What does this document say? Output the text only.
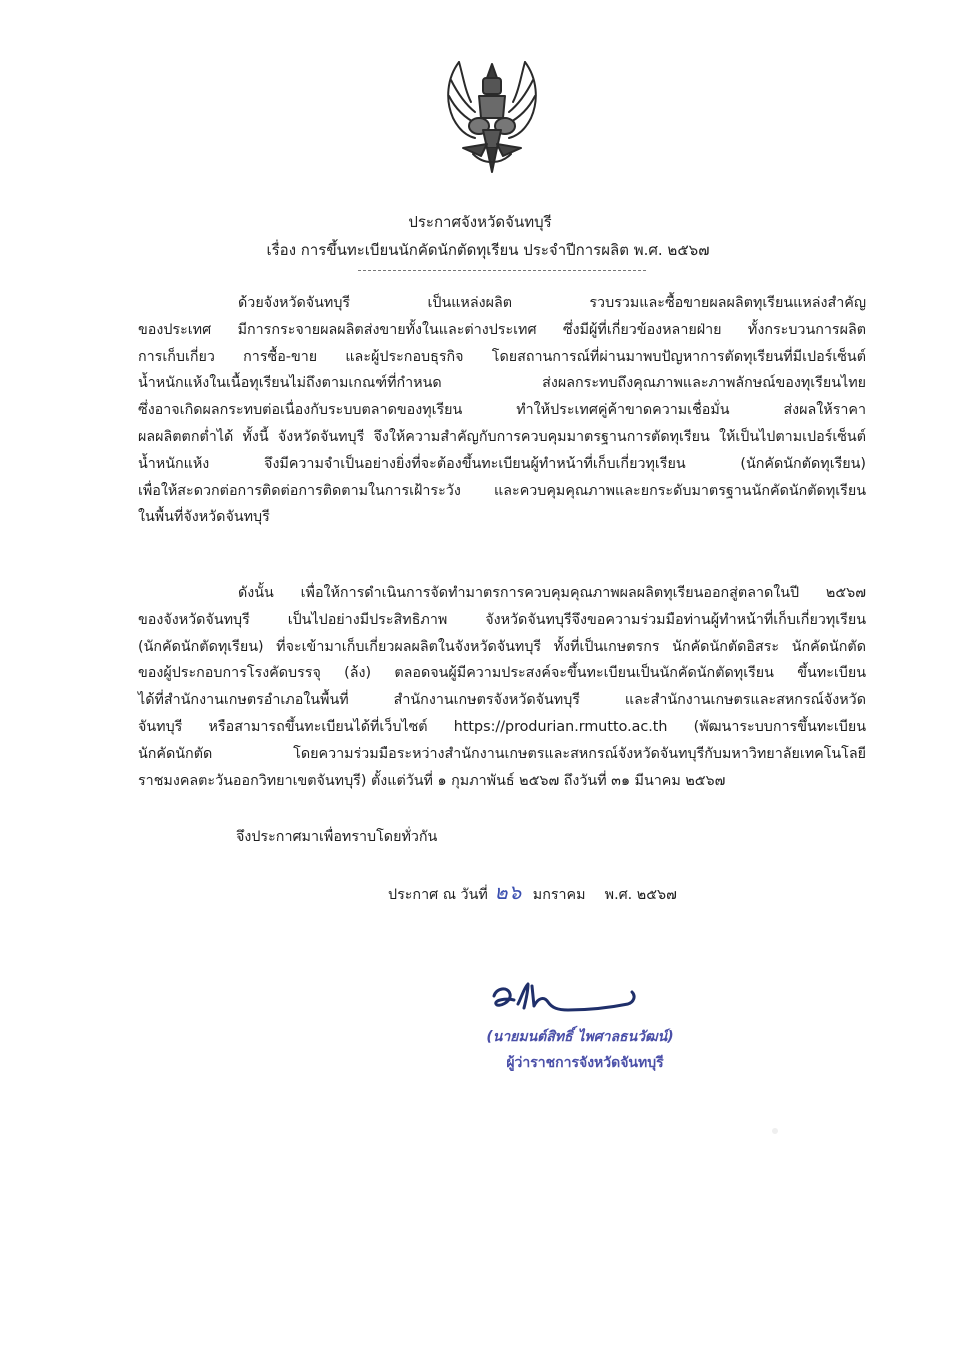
ประกาศจังหวัดจันทบุรี
เรื่อง การขึ้นทะเบียนนักคัดนักตัดทุเรียน ประจำปีการผลิต พ.ศ. ๒๕๖๗
ด้วยจังหวัดจันทบุรี เป็นแหล่งผลิต รวบรวมและซื้อขายผลผลิตทุเรียนแหล่งสำคัญ
ของประเทศ มีการกระจายผลผลิตส่งขายทั้งในและต่างประเทศ ซึ่งมีผู้ที่เกี่ยวข้องหลายฝ่าย ทั้งกระบวนการผลิต
การเก็บเกี่ยว การซื้อ-ขาย และผู้ประกอบธุรกิจ โดยสถานการณ์ที่ผ่านมาพบปัญหาการตัดทุเรียนที่มีเปอร์เซ็นต์
น้ำหนักแห้งในเนื้อทุเรียนไม่ถึงตามเกณฑ์ที่กำหนด ส่งผลกระทบถึงคุณภาพและภาพลักษณ์ของทุเรียนไทย
ซึ่งอาจเกิดผลกระทบต่อเนื่องกับระบบตลาดของทุเรียน ทำให้ประเทศคู่ค้าขาดความเชื่อมั่น ส่งผลให้ราคา
ผลผลิตตกต่ำได้ ทั้งนี้ จังหวัดจันทบุรี จึงให้ความสำคัญกับการควบคุมมาตรฐานการตัดทุเรียน ให้เป็นไปตามเปอร์เซ็นต์
น้ำหนักแห้ง จึงมีความจำเป็นอย่างยิ่งที่จะต้องขึ้นทะเบียนผู้ทำหน้าที่เก็บเกี่ยวทุเรียน (นักคัดนักตัดทุเรียน)
เพื่อให้สะดวกต่อการติดต่อการติดตามในการเฝ้าระวัง และควบคุมคุณภาพและยกระดับมาตรฐานนักคัดนักตัดทุเรียน
ในพื้นที่จังหวัดจันทบุรี
ดังนั้น เพื่อให้การดำเนินการจัดทำมาตรการควบคุมคุณภาพผลผลิตทุเรียนออกสู่ตลาดในปี ๒๕๖๗
ของจังหวัดจันทบุรี เป็นไปอย่างมีประสิทธิภาพ จังหวัดจันทบุรีจึงขอความร่วมมือท่านผู้ทำหน้าที่เก็บเกี่ยวทุเรียน
(นักคัดนักตัดทุเรียน) ที่จะเข้ามาเก็บเกี่ยวผลผลิตในจังหวัดจันทบุรี ทั้งที่เป็นเกษตรกร นักคัดนักตัดอิสระ นักคัดนักตัด
ของผู้ประกอบการโรงคัดบรรจุ (ล้ง) ตลอดจนผู้มีความประสงค์จะขึ้นทะเบียนเป็นนักคัดนักตัดทุเรียน ขึ้นทะเบียน
ได้ที่สำนักงานเกษตรอำเภอในพื้นที่ สำนักงานเกษตรจังหวัดจันทบุรี และสำนักงานเกษตรและสหกรณ์จังหวัด
จันทบุรี หรือสามารถขึ้นทะเบียนได้ที่เว็บไซต์ https://produrian.rmutto.ac.th (พัฒนาระบบการขึ้นทะเบียน
นักคัดนักตัด โดยความร่วมมือระหว่างสำนักงานเกษตรและสหกรณ์จังหวัดจันทบุรีกับมหาวิทยาลัยเทคโนโลยี
ราชมงคลตะวันออกวิทยาเขตจันทบุรี) ตั้งแต่วันที่ ๑ กุมภาพันธ์ ๒๕๖๗ ถึงวันที่ ๓๑ มีนาคม ๒๕๖๗
จึงประกาศมาเพื่อทราบโดยทั่วกัน
ประกาศ ณ วันที่ ๒๖ มกราคม พ.ศ. ๒๕๖๗
(นายมนต์สิทธิ์ ไพศาลธนวัฒน์)
ผู้ว่าราชการจังหวัดจันทบุรี
